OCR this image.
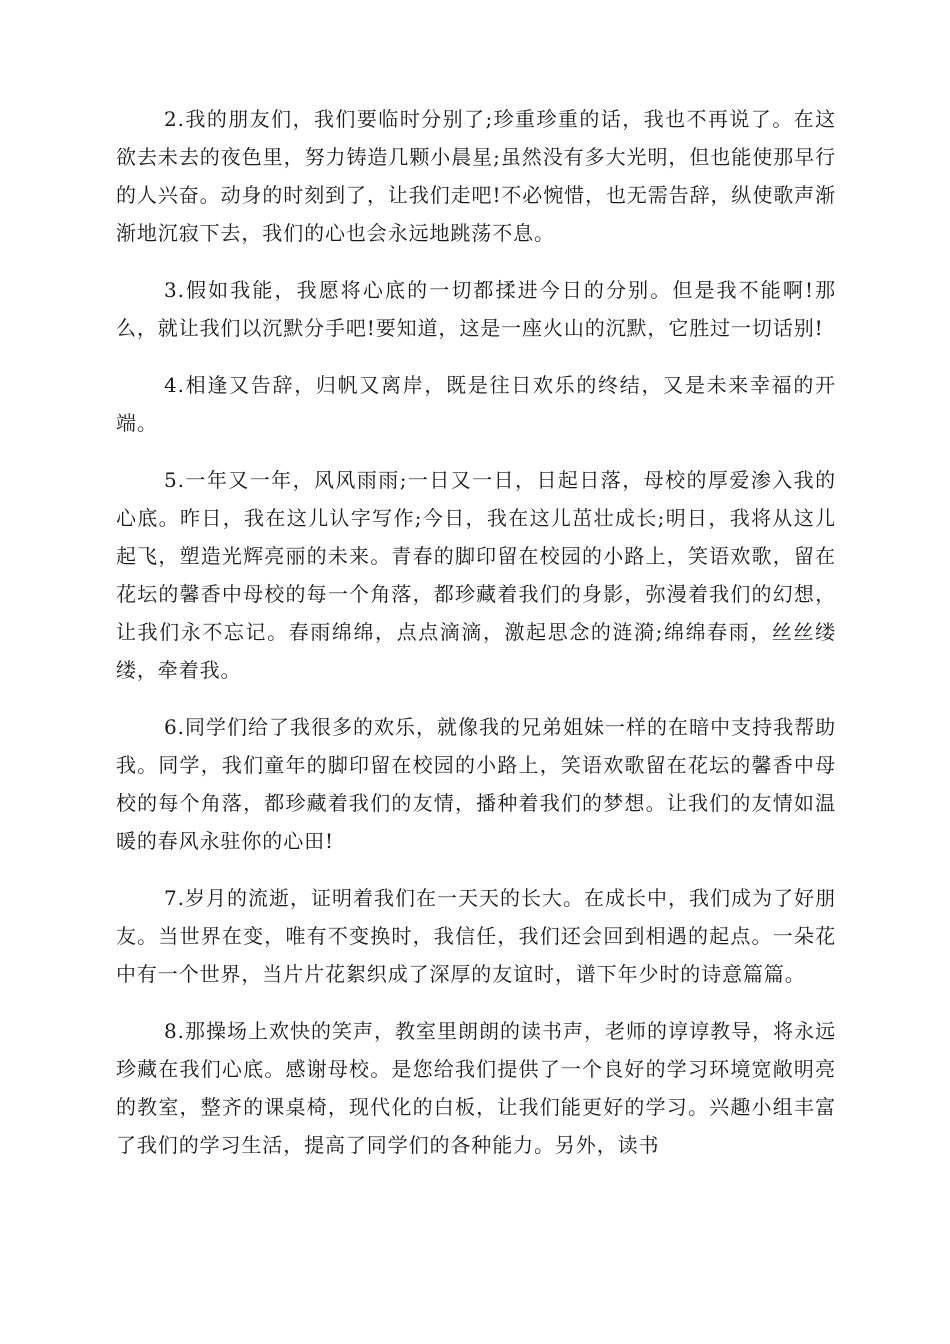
2.我的朋友们，我们要临时分别了;珍重珍重的话，我也不再说了。在这欲去未去的夜色里，努力铸造几颗小晨星;虽然没有多大光明，但也能使那早行的人兴奋。动身的时刻到了，让我们走吧!不必惋惜，也无需告辞，纵使歌声渐渐地沉寂下去，我们的心也会永远地跳荡不息。

3.假如我能，我愿将心底的一切都揉进今日的分别。但是我不能啊!那么，就让我们以沉默分手吧!要知道，这是一座火山的沉默，它胜过一切话别!

4.相逢又告辞，归帆又离岸，既是往日欢乐的终结，又是未来幸福的开端。

5.一年又一年，风风雨雨;一日又一日，日起日落，母校的厚爱渗入我的心底。昨日，我在这儿认字写作;今日，我在这儿茁壮成长;明日，我将从这儿起飞，塑造光辉亮丽的未来。青春的脚印留在校园的小路上，笑语欢歌，留在花坛的馨香中母校的每一个角落，都珍藏着我们的身影，弥漫着我们的幻想，让我们永不忘记。春雨绵绵，点点滴滴，激起思念的涟漪;绵绵春雨，丝丝缕缕，牵着我。

6.同学们给了我很多的欢乐，就像我的兄弟姐妹一样的在暗中支持我帮助我。同学，我们童年的脚印留在校园的小路上，笑语欢歌留在花坛的馨香中母校的每个角落，都珍藏着我们的友情，播种着我们的梦想。让我们的友情如温暖的春风永驻你的心田!

7.岁月的流逝，证明着我们在一天天的长大。在成长中，我们成为了好朋友。当世界在变，唯有不变换时，我信任，我们还会回到相遇的起点。一朵花中有一个世界，当片片花絮织成了深厚的友谊时，谱下年少时的诗意篇篇。

8.那操场上欢快的笑声，教室里朗朗的读书声，老师的谆谆教导，将永远珍藏在我们心底。感谢母校。是您给我们提供了一个良好的学习环境宽敞明亮的教室，整齐的课桌椅，现代化的白板，让我们能更好的学习。兴趣小组丰富了我们的学习生活，提高了同学们的各种能力。另外，读书
